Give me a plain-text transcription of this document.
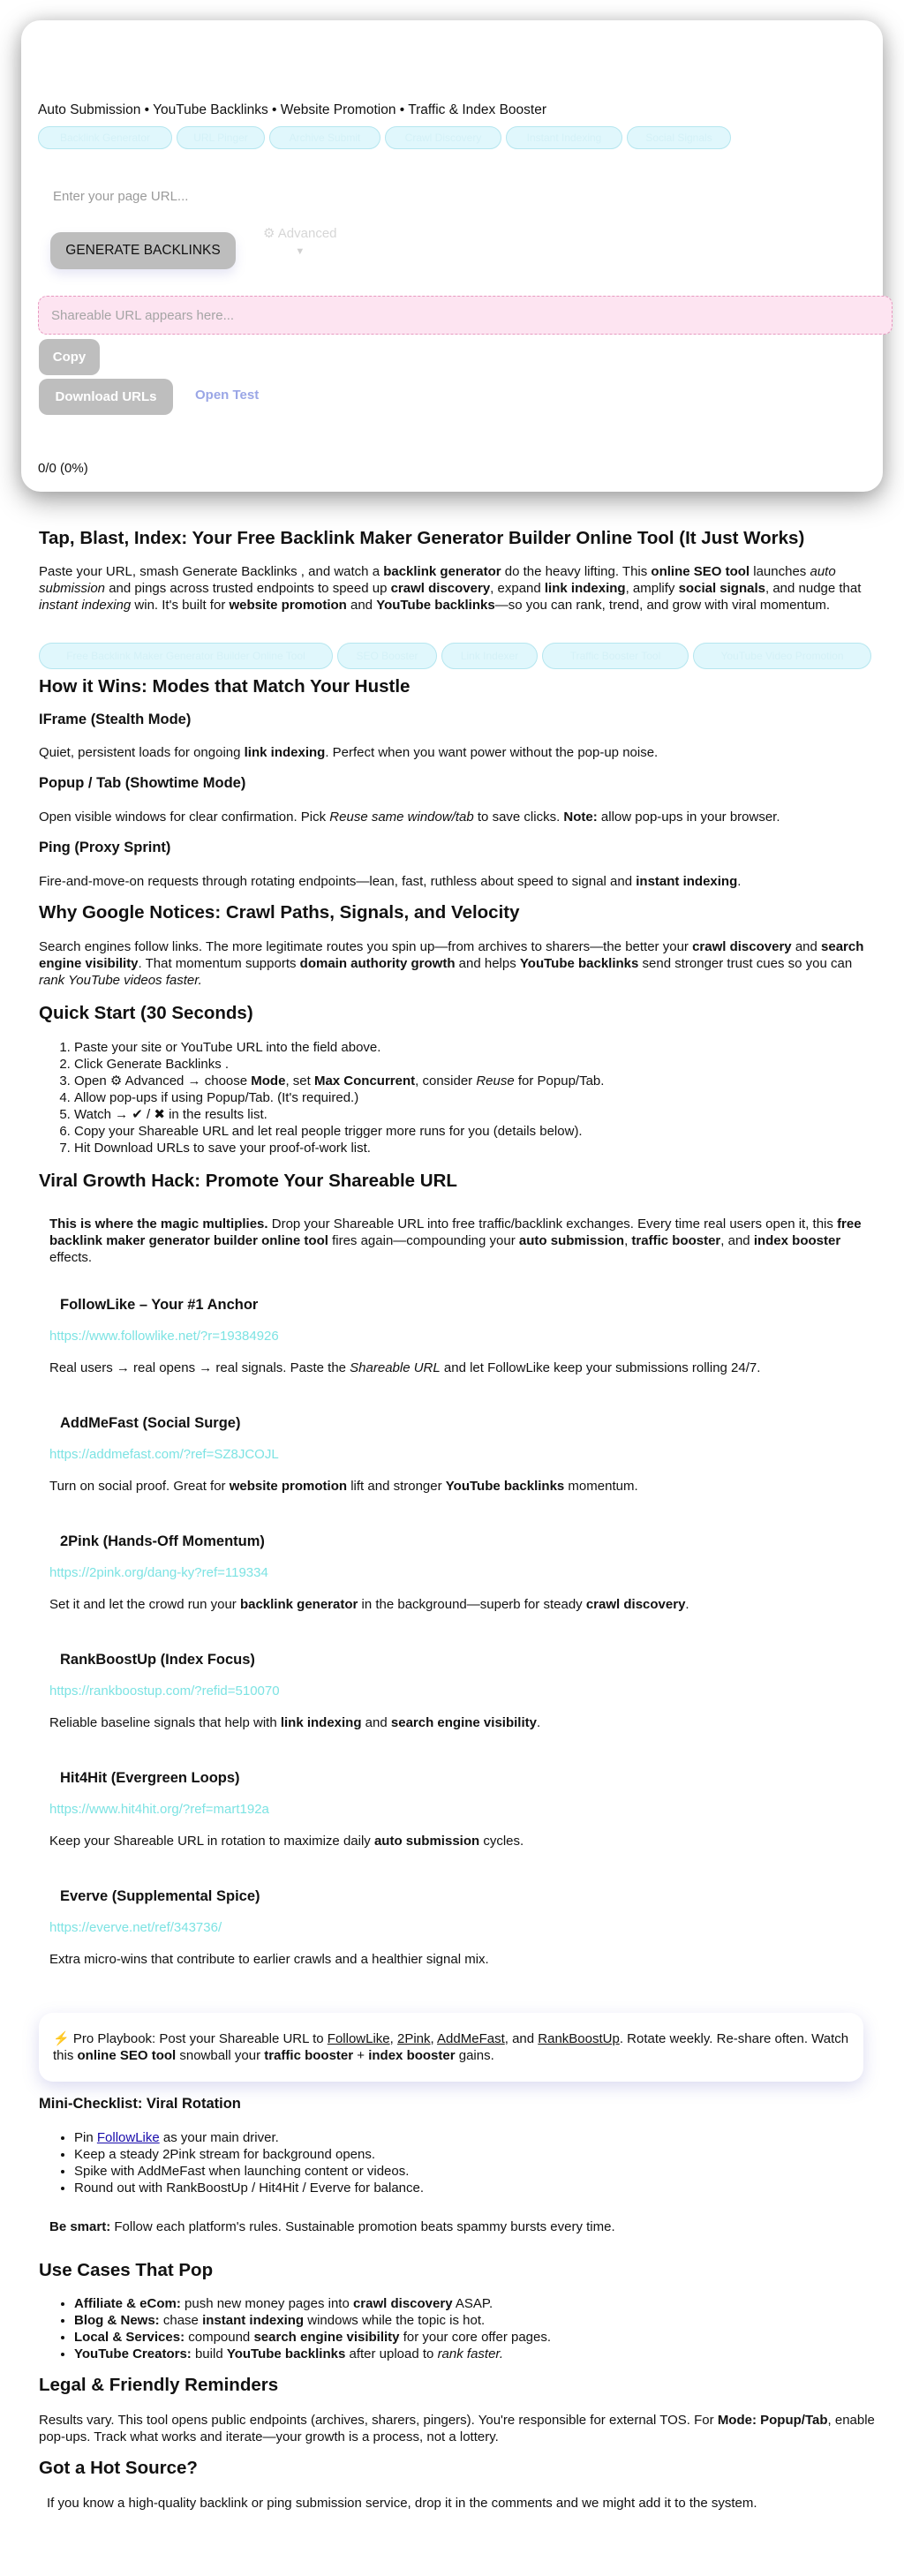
Auto Submission • YouTube Backlinks • Website Promotion • Traffic & Index Booster
Backlink Generator	URL Pinger	Archive Submit	Crawl Discovery	Instant Indexing	Social Signals
Enter your page URL...
GENERATE BACKLINKS
⚙ Advanced
▼
Shareable URL appears here...
Copy
Download URLs	Open Test
0/0 (0%)
Tap, Blast, Index: Your Free Backlink Maker Generator Builder Online Tool (It Just Works)

Paste your URL, smash Generate Backlinks , and watch a backlink generator do the heavy lifting. This online SEO tool launches auto submission and pings across trusted endpoints to speed up crawl discovery, expand link indexing, amplify social signals, and nudge that instant indexing win. It's built for website promotion and YouTube backlinks—so you can rank, trend, and grow with viral momentum.

Free Backlink Maker Generator Builder Online Tool	SEO Booster	Link Indexer	Traffic Booster Tool	YouTube Video Promotion
How it Wins: Modes that Match Your Hustle
IFrame (Stealth Mode)

Quiet, persistent loads for ongoing link indexing. Perfect when you want power without the pop-up noise.

Popup / Tab (Showtime Mode)

Open visible windows for clear confirmation. Pick Reuse same window/tab to save clicks. Note: allow pop-ups in your browser.

Ping (Proxy Sprint)

Fire-and-move-on requests through rotating endpoints—lean, fast, ruthless about speed to signal and instant indexing.

Why Google Notices: Crawl Paths, Signals, and Velocity

Search engines follow links. The more legitimate routes you spin up—from archives to sharers—the better your crawl discovery and search engine visibility. That momentum supports domain authority growth and helps YouTube backlinks send stronger trust cues so you can rank YouTube videos faster.

Quick Start (30 Seconds)
1. Paste your site or YouTube URL into the field above.
2. Click Generate Backlinks .
3. Open ⚙ Advanced → choose Mode, set Max Concurrent, consider Reuse for Popup/Tab.
4. Allow pop-ups if using Popup/Tab. (It's required.)
5. Watch → ✔ / ✖ in the results list.
6. Copy your Shareable URL and let real people trigger more runs for you (details below).
7. Hit Download URLs to save your proof-of-work list.
Viral Growth Hack: Promote Your Shareable URL

This is where the magic multiplies. Drop your Shareable URL into free traffic/backlink exchanges. Every time real users open it, this free backlink maker generator builder online tool fires again—compounding your auto submission, traffic booster, and index booster effects.

FollowLike – Your #1 Anchor
https://www.followlike.net/?r=19384926

Real users → real opens → real signals. Paste the Shareable URL and let FollowLike keep your submissions rolling 24/7.

AddMeFast (Social Surge)
https://addmefast.com/?ref=SZ8JCOJL

Turn on social proof. Great for website promotion lift and stronger YouTube backlinks momentum.

2Pink (Hands-Off Momentum)
https://2pink.org/dang-ky?ref=119334

Set it and let the crowd run your backlink generator in the background—superb for steady crawl discovery.

RankBoostUp (Index Focus)
https://rankboostup.com/?refid=510070

Reliable baseline signals that help with link indexing and search engine visibility.

Hit4Hit (Evergreen Loops)
https://www.hit4hit.org/?ref=mart192a

Keep your Shareable URL in rotation to maximize daily auto submission cycles.

Everve (Supplemental Spice)
https://everve.net/ref/343736/

Extra micro-wins that contribute to earlier crawls and a healthier signal mix.

⚡ Pro Playbook: Post your Shareable URL to FollowLike, 2Pink, AddMeFast, and RankBoostUp. Rotate weekly. Re-share often. Watch this online SEO tool snowball your traffic booster + index booster gains.
Mini-Checklist: Viral Rotation
• Pin FollowLike as your main driver.
• Keep a steady 2Pink stream for background opens.
• Spike with AddMeFast when launching content or videos.
• Round out with RankBoostUp / Hit4Hit / Everve for balance.

Be smart: Follow each platform's rules. Sustainable promotion beats spammy bursts every time.

Use Cases That Pop
• Affiliate & eCom: push new money pages into crawl discovery ASAP.
• Blog & News: chase instant indexing windows while the topic is hot.
• Local & Services: compound search engine visibility for your core offer pages.
• YouTube Creators: build YouTube backlinks after upload to rank faster.
Legal & Friendly Reminders

Results vary. This tool opens public endpoints (archives, sharers, pingers). You're responsible for external TOS. For Mode: Popup/Tab, enable pop-ups. Track what works and iterate—your growth is a process, not a lottery.

Got a Hot Source?

If you know a high-quality backlink or ping submission service, drop it in the comments and we might add it to the system.
